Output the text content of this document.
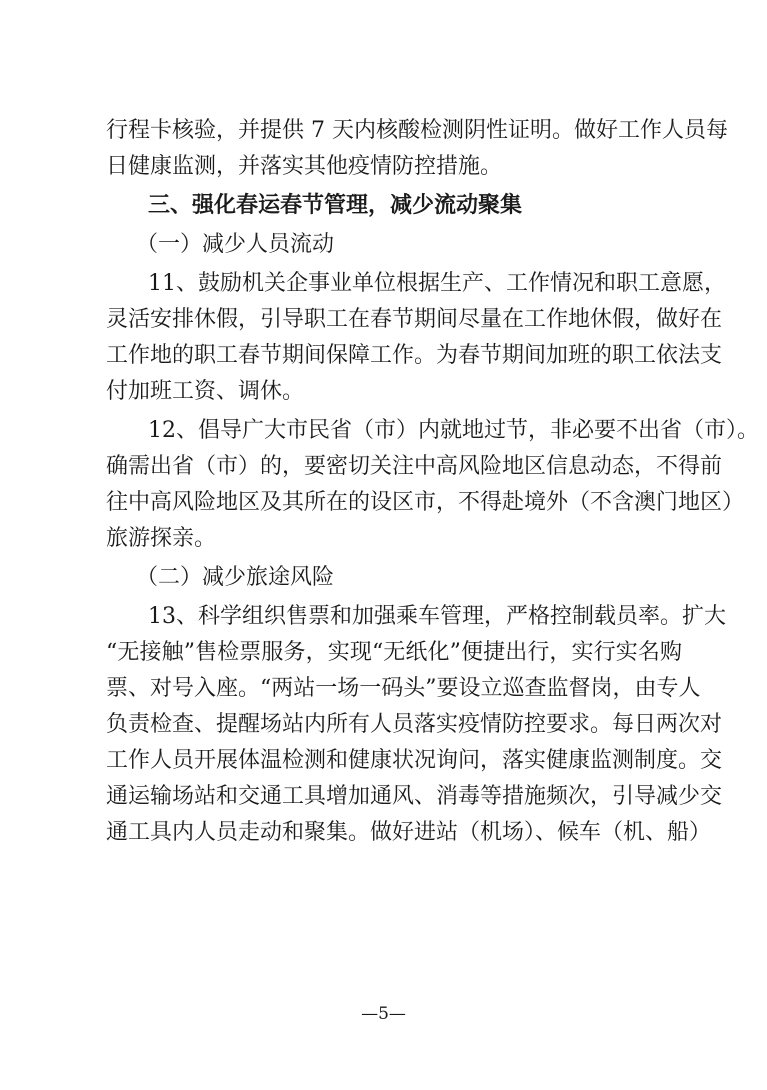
行程卡核验，并提供 7 天内核酸检测阴性证明。做好工作人员每
日健康监测，并落实其他疫情防控措施。
三、强化春运春节管理，减少流动聚集
（一）减少人员流动
11、鼓励机关企事业单位根据生产、工作情况和职工意愿，
灵活安排休假，引导职工在春节期间尽量在工作地休假，做好在
工作地的职工春节期间保障工作。为春节期间加班的职工依法支
付加班工资、调休。
12、倡导广大市民省（市）内就地过节，非必要不出省（市）。
确需出省（市）的，要密切关注中高风险地区信息动态，不得前
往中高风险地区及其所在的设区市，不得赴境外（不含澳门地区）
旅游探亲。
（二）减少旅途风险
13、科学组织售票和加强乘车管理，严格控制载员率。扩大
“无接触”售检票服务，实现“无纸化”便捷出行，实行实名购
票、对号入座。“两站一场一码头”要设立巡查监督岗，由专人
负责检查、提醒场站内所有人员落实疫情防控要求。每日两次对
工作人员开展体温检测和健康状况询问，落实健康监测制度。交
通运输场站和交通工具增加通风、消毒等措施频次，引导减少交
通工具内人员走动和聚集。做好进站（机场）、候车（机、船）
—5—
